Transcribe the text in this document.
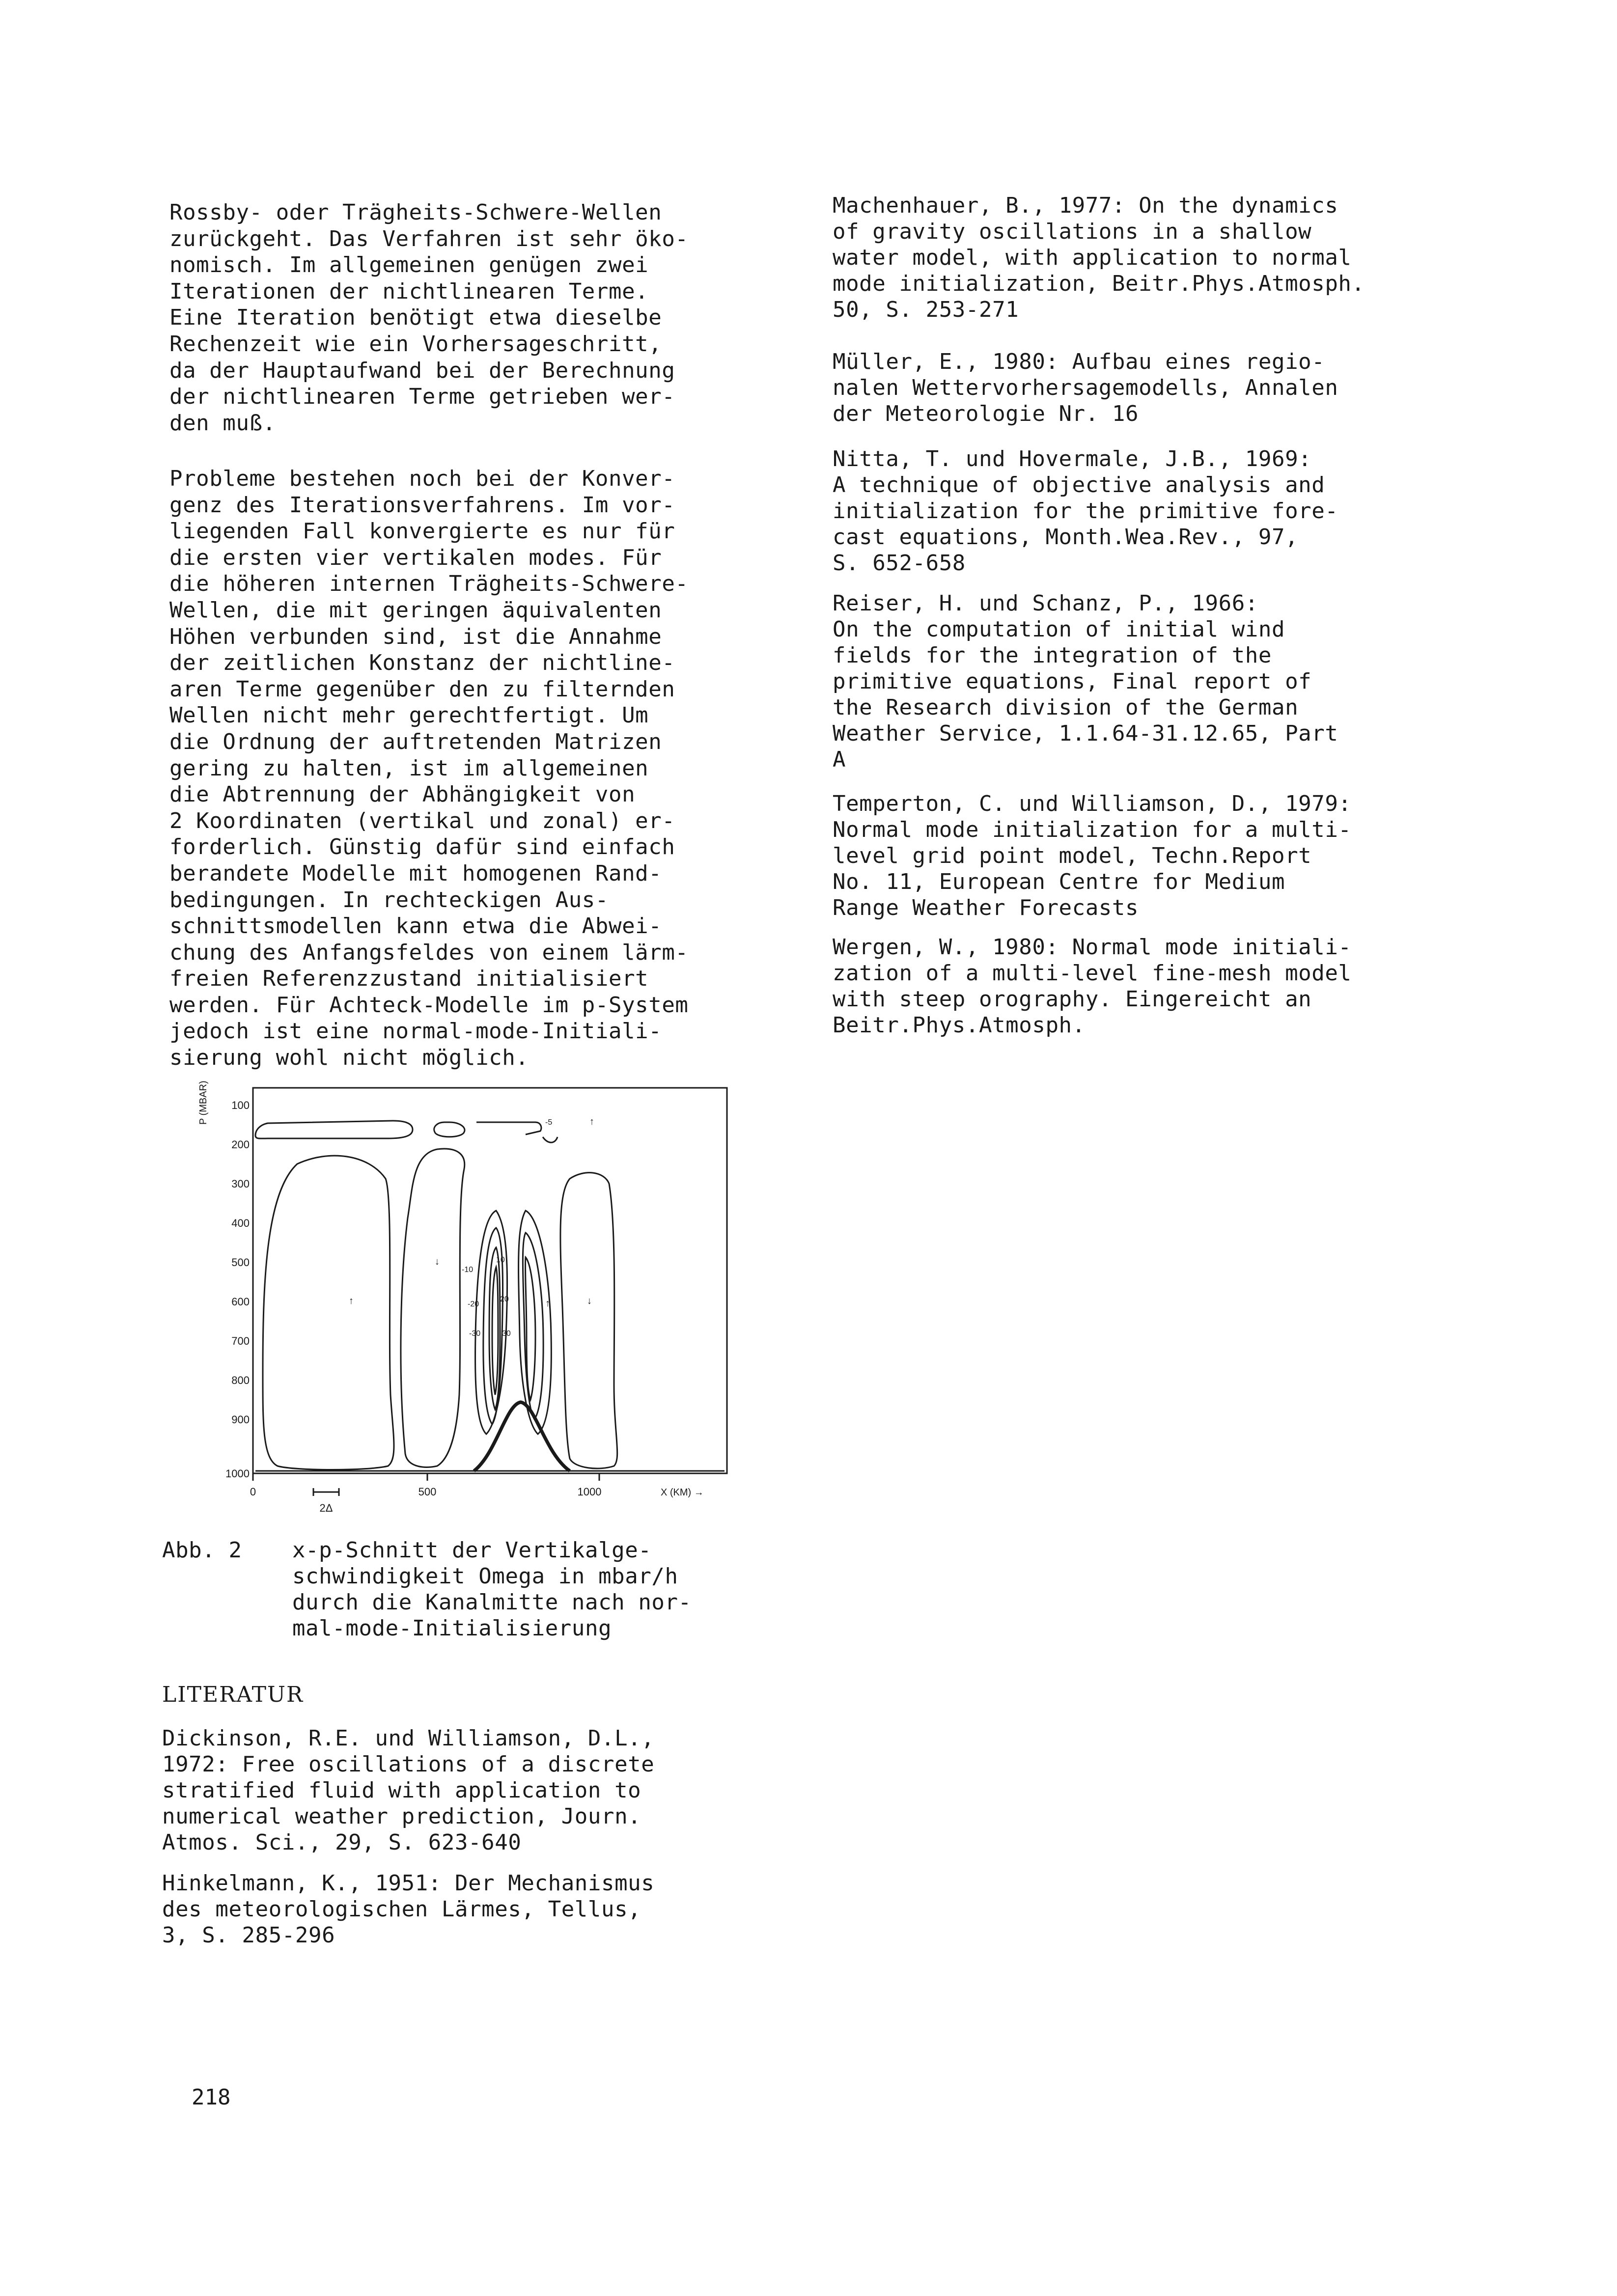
Rossby- oder Trägheits-Schwere-Wellen
zurückgeht. Das Verfahren ist sehr öko-
nomisch. Im allgemeinen genügen zwei
Iterationen der nichtlinearen Terme.
Eine Iteration benötigt etwa dieselbe
Rechenzeit wie ein Vorhersageschritt,
da der Hauptaufwand bei der Berechnung
der nichtlinearen Terme getrieben wer-
den muß.
Probleme bestehen noch bei der Konver-
genz des Iterationsverfahrens. Im vor-
liegenden Fall konvergierte es nur für
die ersten vier vertikalen modes. Für
die höheren internen Trägheits-Schwere-
Wellen, die mit geringen äquivalenten
Höhen verbunden sind, ist die Annahme
der zeitlichen Konstanz der nichtline-
aren Terme gegenüber den zu filternden
Wellen nicht mehr gerechtfertigt. Um
die Ordnung der auftretenden Matrizen
gering zu halten, ist im allgemeinen
die Abtrennung der Abhängigkeit von
2 Koordinaten (vertikal und zonal) er-
forderlich. Günstig dafür sind einfach
berandete Modelle mit homogenen Rand-
bedingungen. In rechteckigen Aus-
schnittsmodellen kann etwa die Abwei-
chung des Anfangsfeldes von einem lärm-
freien Referenzzustand initialisiert
werden. Für Achteck-Modelle im p-System
jedoch ist eine normal-mode-Initiali-
sierung wohl nicht möglich.
100
200
300
400
500
600
700
800
900
1000
P (MBAR)
0	500	1000	X (KM) →
2Δ
-10
-20
-30
10
20
30
-5
↑
↓
↑	↓
↑
Abb. 2 x-p-Schnitt der Vertikalge-
schwindigkeit Omega in mbar/h
durch die Kanalmitte nach nor-
mal-mode-Initialisierung
LITERATUR
Dickinson, R.E. und Williamson, D.L.,
1972: Free oscillations of a discrete
stratified fluid with application to
numerical weather prediction, Journ.
Atmos. Sci., 29, S. 623-640
Hinkelmann, K., 1951: Der Mechanismus
des meteorologischen Lärmes, Tellus,
3, S. 285-296
Machenhauer, B., 1977: On the dynamics
of gravity oscillations in a shallow
water model, with application to normal
mode initialization, Beitr.Phys.Atmosph.
50, S. 253-271
Müller, E., 1980: Aufbau eines regio-
nalen Wettervorhersagemodells, Annalen
der Meteorologie Nr. 16
Nitta, T. und Hovermale, J.B., 1969:
A technique of objective analysis and
initialization for the primitive fore-
cast equations, Month.Wea.Rev., 97,
S. 652-658
Reiser, H. und Schanz, P., 1966:
On the computation of initial wind
fields for the integration of the
primitive equations, Final report of
the Research division of the German
Weather Service, 1.1.64-31.12.65, Part
A
Temperton, C. und Williamson, D., 1979:
Normal mode initialization for a multi-
level grid point model, Techn.Report
No. 11, European Centre for Medium
Range Weather Forecasts
Wergen, W., 1980: Normal mode initiali-
zation of a multi-level fine-mesh model
with steep orography. Eingereicht an
Beitr.Phys.Atmosph.
218
